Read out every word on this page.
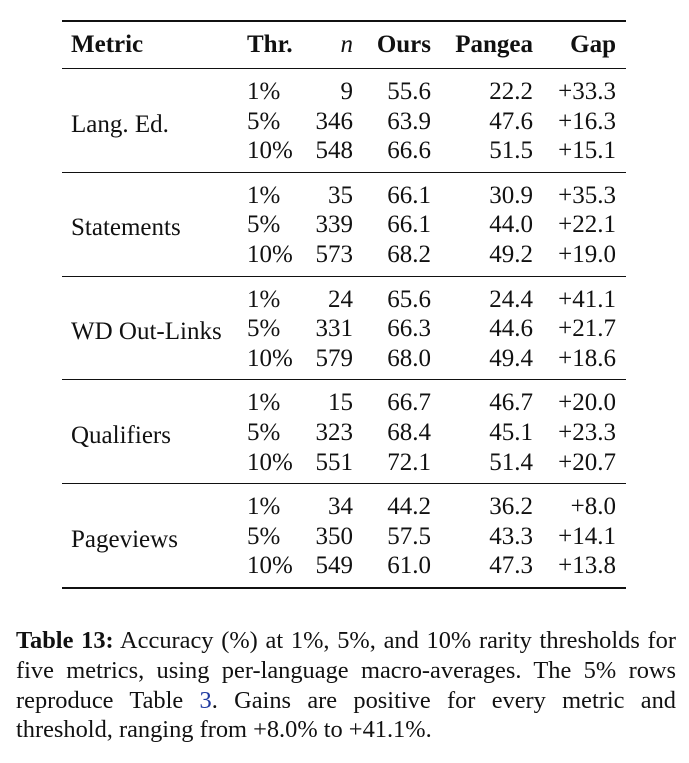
Metric	Thr.	n	Ours	Pangea	Gap
Lang. Ed.	1%	9	55.6	22.2	+33.3
	5%	346	63.9	47.6	+16.3
	10%	548	66.6	51.5	+15.1
Statements	1%	35	66.1	30.9	+35.3
	5%	339	66.1	44.0	+22.1
	10%	573	68.2	49.2	+19.0
WD Out-Links	1%	24	65.6	24.4	+41.1
	5%	331	66.3	44.6	+21.7
	10%	579	68.0	49.4	+18.6
Qualifiers	1%	15	66.7	46.7	+20.0
	5%	323	68.4	45.1	+23.3
	10%	551	72.1	51.4	+20.7
Pageviews	1%	34	44.2	36.2	+8.0
	5%	350	57.5	43.3	+14.1
	10%	549	61.0	47.3	+13.8
Table 13: Accuracy (%) at 1%, 5%, and 10% rarity thresholds for five metrics, using per-language macro-averages. The 5% rows reproduce Table 3. Gains are positive for every metric and threshold, ranging from +8.0% to +41.1%.
